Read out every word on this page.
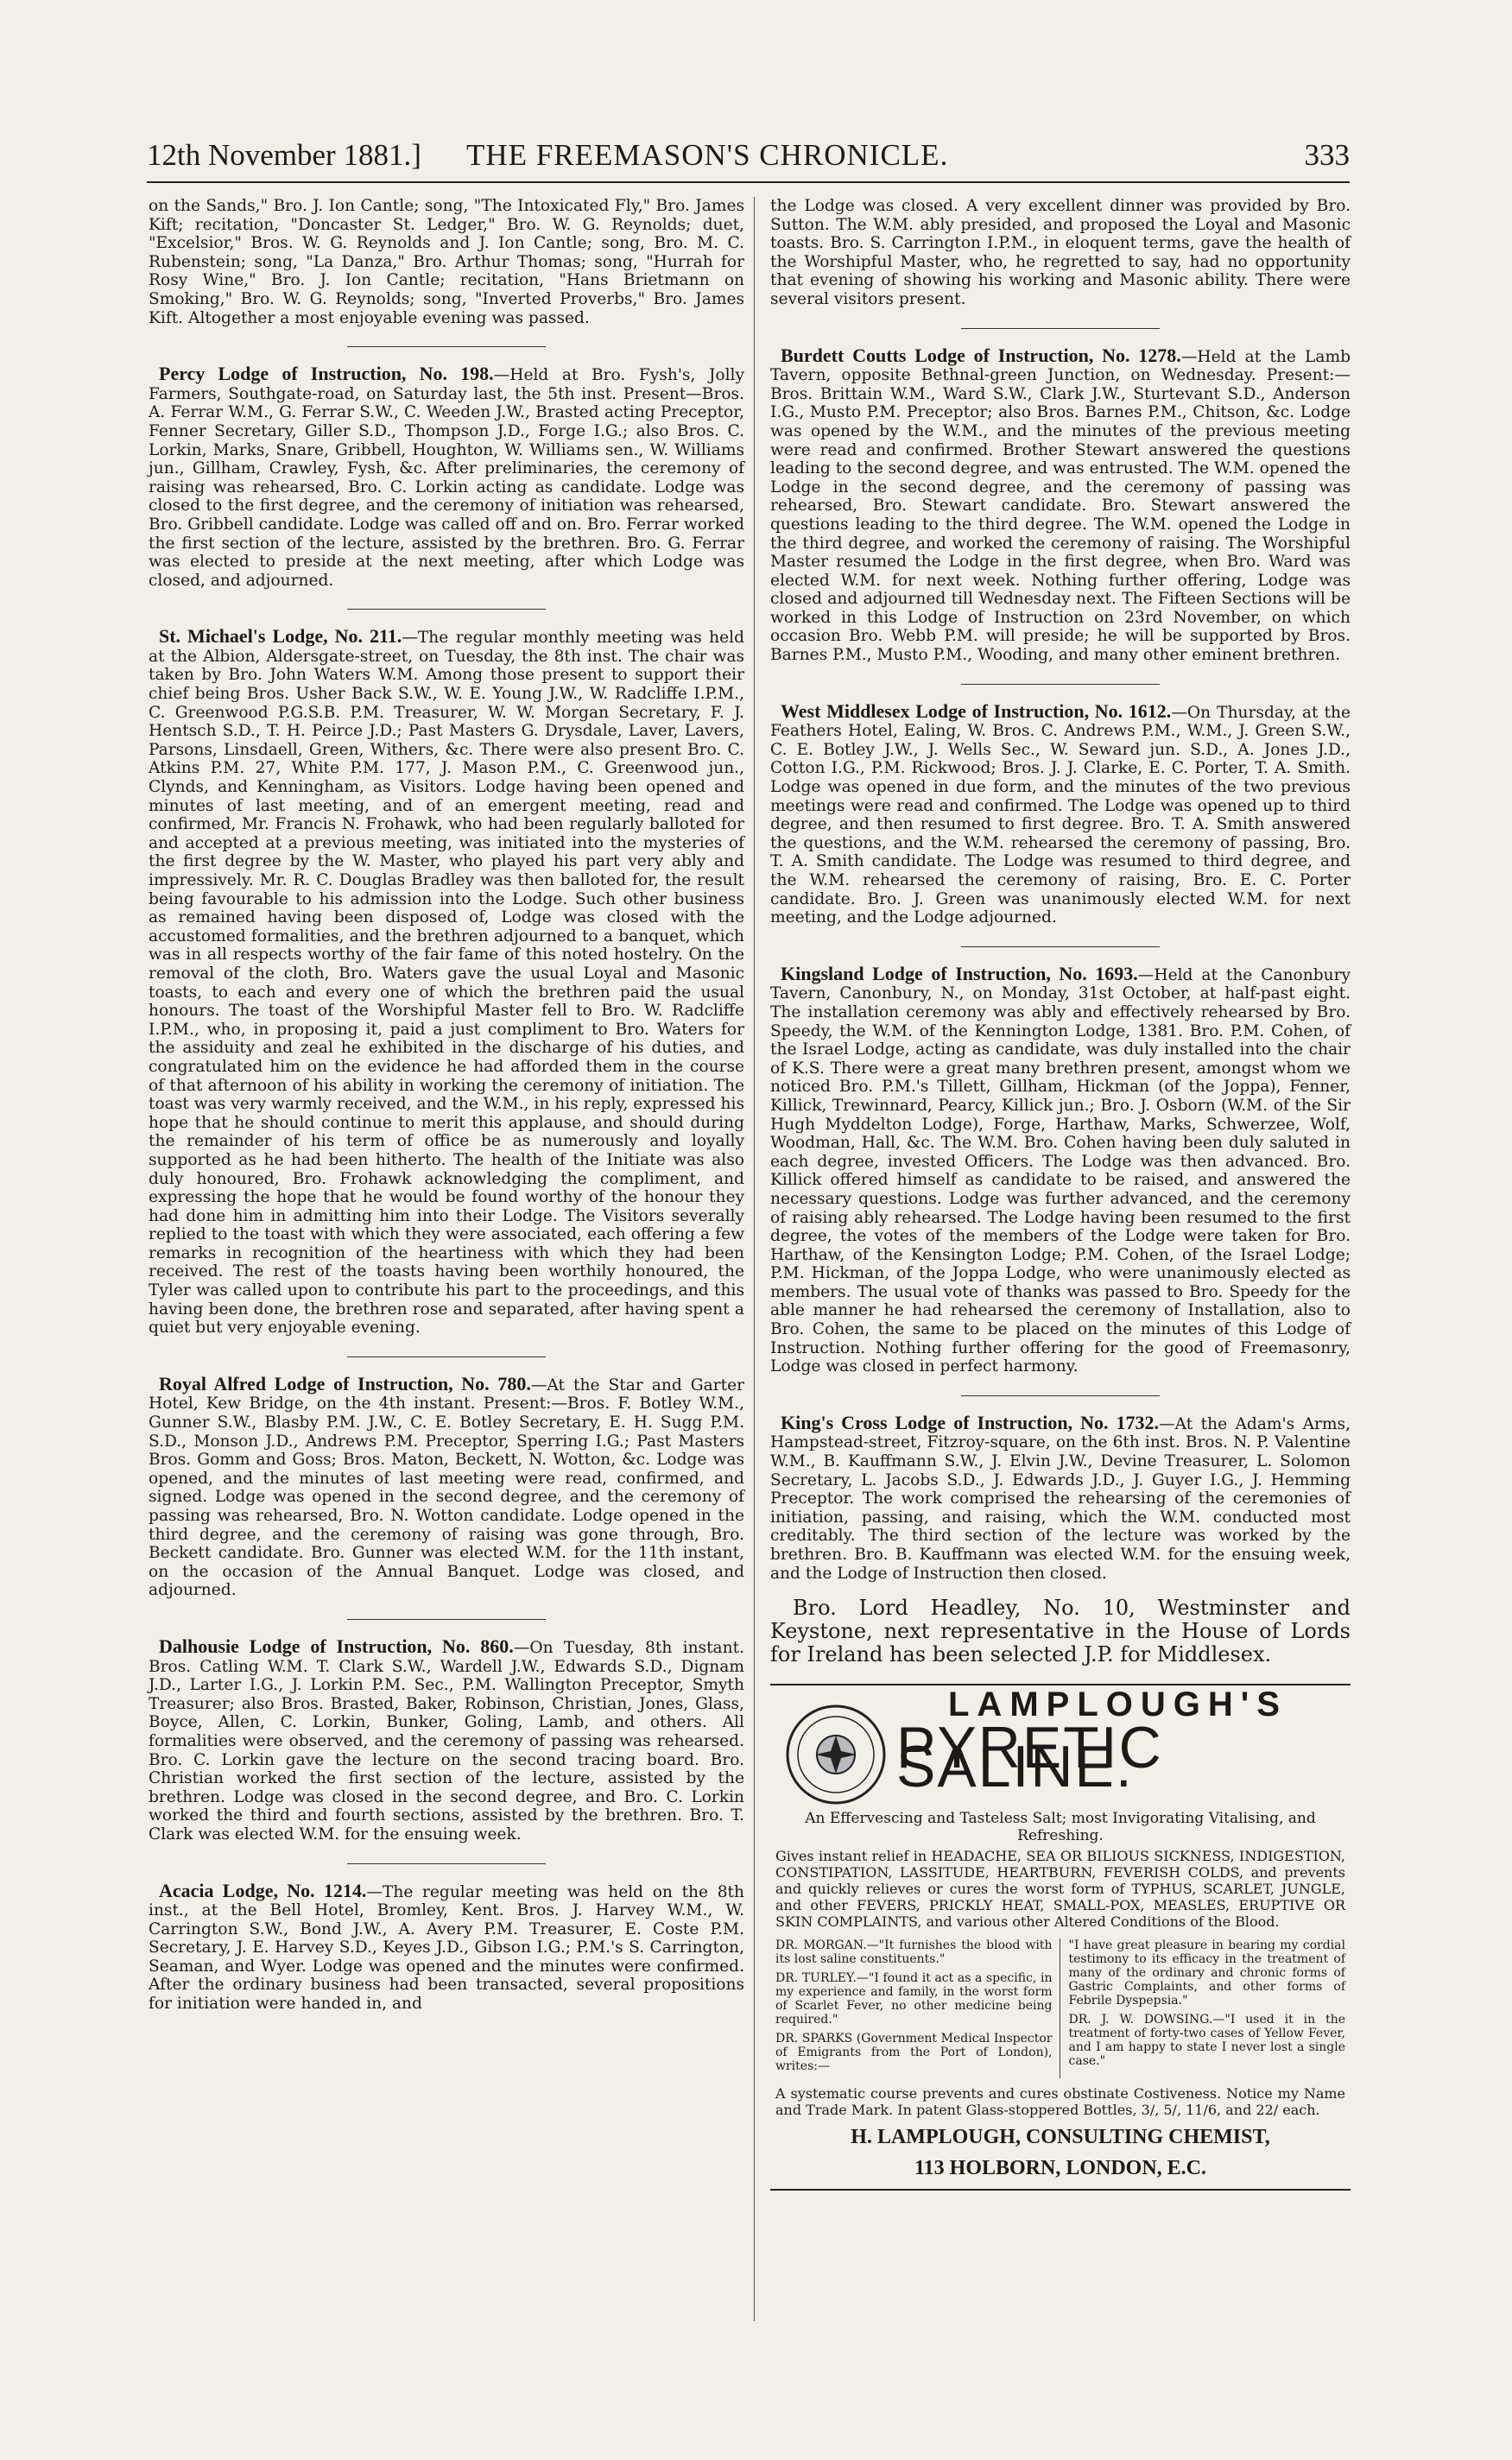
12th November 1881.] THE FREEMASON'S CHRONICLE.	333

on the Sands," Bro. J. Ion Cantle; song, "The Intoxicated Fly," Bro. James Kift; recitation, "Doncaster St. Ledger," Bro. W. G. Reynolds; duet, "Excelsior," Bros. W. G. Reynolds and J. Ion Cantle; song, Bro. M. C. Rubenstein; song, "La Danza," Bro. Arthur Thomas; song, "Hurrah for Rosy Wine," Bro. J. Ion Cantle; recitation, "Hans Brietmann on Smoking," Bro. W. G. Reynolds; song, "Inverted Proverbs," Bro. James Kift. Altogether a most enjoyable evening was passed.

Percy Lodge of Instruction, No. 198.—Held at Bro. Fysh's, Jolly Farmers, Southgate-road, on Saturday last, the 5th inst. Present—Bros. A. Ferrar W.M., G. Ferrar S.W., C. Weeden J.W., Brasted acting Preceptor, Fenner Secretary, Giller S.D., Thompson J.D., Forge I.G.; also Bros. C. Lorkin, Marks, Snare, Gribbell, Houghton, W. Williams sen., W. Williams jun., Gillham, Crawley, Fysh, &c. After preliminaries, the ceremony of raising was rehearsed, Bro. C. Lorkin acting as candidate. Lodge was closed to the first degree, and the ceremony of initiation was rehearsed, Bro. Gribbell candidate. Lodge was called off and on. Bro. Ferrar worked the first section of the lecture, assisted by the brethren. Bro. G. Ferrar was elected to preside at the next meeting, after which Lodge was closed, and adjourned.

St. Michael's Lodge, No. 211.—The regular monthly meeting was held at the Albion, Aldersgate-street, on Tuesday, the 8th inst. The chair was taken by Bro. John Waters W.M. Among those present to support their chief being Bros. Usher Back S.W., W. E. Young J.W., W. Radcliffe I.P.M., C. Greenwood P.G.S.B. P.M. Treasurer, W. W. Morgan Secretary, F. J. Hentsch S.D., T. H. Peirce J.D.; Past Masters G. Drysdale, Laver, Lavers, Parsons, Linsdaell, Green, Withers, &c. There were also present Bro. C. Atkins P.M. 27, White P.M. 177, J. Mason P.M., C. Greenwood jun., Clynds, and Kenningham, as Visitors. Lodge having been opened and minutes of last meeting, and of an emergent meeting, read and confirmed, Mr. Francis N. Frohawk, who had been regularly balloted for and accepted at a previous meeting, was initiated into the mysteries of the first degree by the W. Master, who played his part very ably and impressively. Mr. R. C. Douglas Bradley was then balloted for, the result being favourable to his admission into the Lodge. Such other business as remained having been disposed of, Lodge was closed with the accustomed formalities, and the brethren adjourned to a banquet, which was in all respects worthy of the fair fame of this noted hostelry. On the removal of the cloth, Bro. Waters gave the usual Loyal and Masonic toasts, to each and every one of which the brethren paid the usual honours. The toast of the Worshipful Master fell to Bro. W. Radcliffe I.P.M., who, in proposing it, paid a just compliment to Bro. Waters for the assiduity and zeal he exhibited in the discharge of his duties, and congratulated him on the evidence he had afforded them in the course of that afternoon of his ability in working the ceremony of initiation. The toast was very warmly received, and the W.M., in his reply, expressed his hope that he should continue to merit this applause, and should during the remainder of his term of office be as numerously and loyally supported as he had been hitherto. The health of the Initiate was also duly honoured, Bro. Frohawk acknowledging the compliment, and expressing the hope that he would be found worthy of the honour they had done him in admitting him into their Lodge. The Visitors severally replied to the toast with which they were associated, each offering a few remarks in recognition of the heartiness with which they had been received. The rest of the toasts having been worthily honoured, the Tyler was called upon to contribute his part to the proceedings, and this having been done, the brethren rose and separated, after having spent a quiet but very enjoyable evening.

Royal Alfred Lodge of Instruction, No. 780.—At the Star and Garter Hotel, Kew Bridge, on the 4th instant. Present:—Bros. F. Botley W.M., Gunner S.W., Blasby P.M. J.W., C. E. Botley Secretary, E. H. Sugg P.M. S.D., Monson J.D., Andrews P.M. Preceptor, Sperring I.G.; Past Masters Bros. Gomm and Goss; Bros. Maton, Beckett, N. Wotton, &c. Lodge was opened, and the minutes of last meeting were read, confirmed, and signed. Lodge was opened in the second degree, and the ceremony of passing was rehearsed, Bro. N. Wotton candidate. Lodge opened in the third degree, and the ceremony of raising was gone through, Bro. Beckett candidate. Bro. Gunner was elected W.M. for the 11th instant, on the occasion of the Annual Banquet. Lodge was closed, and adjourned.

Dalhousie Lodge of Instruction, No. 860.—On Tuesday, 8th instant. Bros. Catling W.M. T. Clark S.W., Wardell J.W., Edwards S.D., Dignam J.D., Larter I.G., J. Lorkin P.M. Sec., P.M. Wallington Preceptor, Smyth Treasurer; also Bros. Brasted, Baker, Robinson, Christian, Jones, Glass, Boyce, Allen, C. Lorkin, Bunker, Goling, Lamb, and others. All formalities were observed, and the ceremony of passing was rehearsed. Bro. C. Lorkin gave the lecture on the second tracing board. Bro. Christian worked the first section of the lecture, assisted by the brethren. Lodge was closed in the second degree, and Bro. C. Lorkin worked the third and fourth sections, assisted by the brethren. Bro. T. Clark was elected W.M. for the ensuing week.

Acacia Lodge, No. 1214.—The regular meeting was held on the 8th inst., at the Bell Hotel, Bromley, Kent. Bros. J. Harvey W.M., W. Carrington S.W., Bond J.W., A. Avery P.M. Treasurer, E. Coste P.M. Secretary, J. E. Harvey S.D., Keyes J.D., Gibson I.G.; P.M.'s S. Carrington, Seaman, and Wyer. Lodge was opened and the minutes were confirmed. After the ordinary business had been transacted, several propositions for initiation were handed in, and

the Lodge was closed. A very excellent dinner was provided by Bro. Sutton. The W.M. ably presided, and proposed the Loyal and Masonic toasts. Bro. S. Carrington I.P.M., in eloquent terms, gave the health of the Worshipful Master, who, he regretted to say, had no opportunity that evening of showing his working and Masonic ability. There were several visitors present.

Burdett Coutts Lodge of Instruction, No. 1278.—Held at the Lamb Tavern, opposite Bethnal-green Junction, on Wednesday. Present:—Bros. Brittain W.M., Ward S.W., Clark J.W., Sturtevant S.D., Anderson I.G., Musto P.M. Preceptor; also Bros. Barnes P.M., Chitson, &c. Lodge was opened by the W.M., and the minutes of the previous meeting were read and confirmed. Brother Stewart answered the questions leading to the second degree, and was entrusted. The W.M. opened the Lodge in the second degree, and the ceremony of passing was rehearsed, Bro. Stewart candidate. Bro. Stewart answered the questions leading to the third degree. The W.M. opened the Lodge in the third degree, and worked the ceremony of raising. The Worshipful Master resumed the Lodge in the first degree, when Bro. Ward was elected W.M. for next week. Nothing further offering, Lodge was closed and adjourned till Wednesday next. The Fifteen Sections will be worked in this Lodge of Instruction on 23rd November, on which occasion Bro. Webb P.M. will preside; he will be supported by Bros. Barnes P.M., Musto P.M., Wooding, and many other eminent brethren.

West Middlesex Lodge of Instruction, No. 1612.—On Thursday, at the Feathers Hotel, Ealing, W. Bros. C. Andrews P.M., W.M., J. Green S.W., C. E. Botley J.W., J. Wells Sec., W. Seward jun. S.D., A. Jones J.D., Cotton I.G., P.M. Rickwood; Bros. J. J. Clarke, E. C. Porter, T. A. Smith. Lodge was opened in due form, and the minutes of the two previous meetings were read and confirmed. The Lodge was opened up to third degree, and then resumed to first degree. Bro. T. A. Smith answered the questions, and the W.M. rehearsed the ceremony of passing, Bro. T. A. Smith candidate. The Lodge was resumed to third degree, and the W.M. rehearsed the ceremony of raising, Bro. E. C. Porter candidate. Bro. J. Green was unanimously elected W.M. for next meeting, and the Lodge adjourned.

Kingsland Lodge of Instruction, No. 1693.—Held at the Canonbury Tavern, Canonbury, N., on Monday, 31st October, at half-past eight. The installation ceremony was ably and effectively rehearsed by Bro. Speedy, the W.M. of the Kennington Lodge, 1381. Bro. P.M. Cohen, of the Israel Lodge, acting as candidate, was duly installed into the chair of K.S. There were a great many brethren present, amongst whom we noticed Bro. P.M.'s Tillett, Gillham, Hickman (of the Joppa), Fenner, Killick, Trewinnard, Pearcy, Killick jun.; Bro. J. Osborn (W.M. of the Sir Hugh Myddelton Lodge), Forge, Harthaw, Marks, Schwerzee, Wolf, Woodman, Hall, &c. The W.M. Bro. Cohen having been duly saluted in each degree, invested Officers. The Lodge was then advanced. Bro. Killick offered himself as candidate to be raised, and answered the necessary questions. Lodge was further advanced, and the ceremony of raising ably rehearsed. The Lodge having been resumed to the first degree, the votes of the members of the Lodge were taken for Bro. Harthaw, of the Kensington Lodge; P.M. Cohen, of the Israel Lodge; P.M. Hickman, of the Joppa Lodge, who were unanimously elected as members. The usual vote of thanks was passed to Bro. Speedy for the able manner he had rehearsed the ceremony of Installation, also to Bro. Cohen, the same to be placed on the minutes of this Lodge of Instruction. Nothing further offering for the good of Freemasonry, Lodge was closed in perfect harmony.

King's Cross Lodge of Instruction, No. 1732.—At the Adam's Arms, Hampstead-street, Fitzroy-square, on the 6th inst. Bros. N. P. Valentine W.M., B. Kauffmann S.W., J. Elvin J.W., Devine Treasurer, L. Solomon Secretary, L. Jacobs S.D., J. Edwards J.D., J. Guyer I.G., J. Hemming Preceptor. The work comprised the rehearsing of the ceremonies of initiation, passing, and raising, which the W.M. conducted most creditably. The third section of the lecture was worked by the brethren. Bro. B. Kauffmann was elected W.M. for the ensuing week, and the Lodge of Instruction then closed.

Bro. Lord Headley, No. 10, Westminster and Keystone, next representative in the House of Lords for Ireland has been selected J.P. for Middlesex.

LAMPLOUGH'S
PYRETIC SALINE.
An Effervescing and Tasteless Salt; most Invigorating Vitalising, and Refreshing.
Gives instant relief in HEADACHE, SEA OR BILIOUS SICKNESS, INDIGESTION, CONSTIPATION, LASSITUDE, HEARTBURN, FEVERISH COLDS, and prevents and quickly relieves or cures the worst form of TYPHUS, SCARLET, JUNGLE, and other FEVERS, PRICKLY HEAT, SMALL-POX, MEASLES, ERUPTIVE OR SKIN COMPLAINTS, and various other Altered Conditions of the Blood.

DR. MORGAN.—"It furnishes the blood with its lost saline constituents."

DR. TURLEY.—"I found it act as a specific, in my experience and family, in the worst form of Scarlet Fever, no other medicine being required."

DR. SPARKS (Government Medical Inspector of Emigrants from the Port of London), writes:—

"I have great pleasure in bearing my cordial testimony to its efficacy in the treatment of many of the ordinary and chronic forms of Gastric Complaints, and other forms of Febrile Dyspepsia."

DR. J. W. DOWSING.—"I used it in the treatment of forty-two cases of Yellow Fever, and I am happy to state I never lost a single case."

A systematic course prevents and cures obstinate Costiveness. Notice my Name and Trade Mark. In patent Glass-stoppered Bottles, 3/, 5/, 11/6, and 22/ each.
H. LAMPLOUGH, CONSULTING CHEMIST,
113 HOLBORN, LONDON, E.C.
